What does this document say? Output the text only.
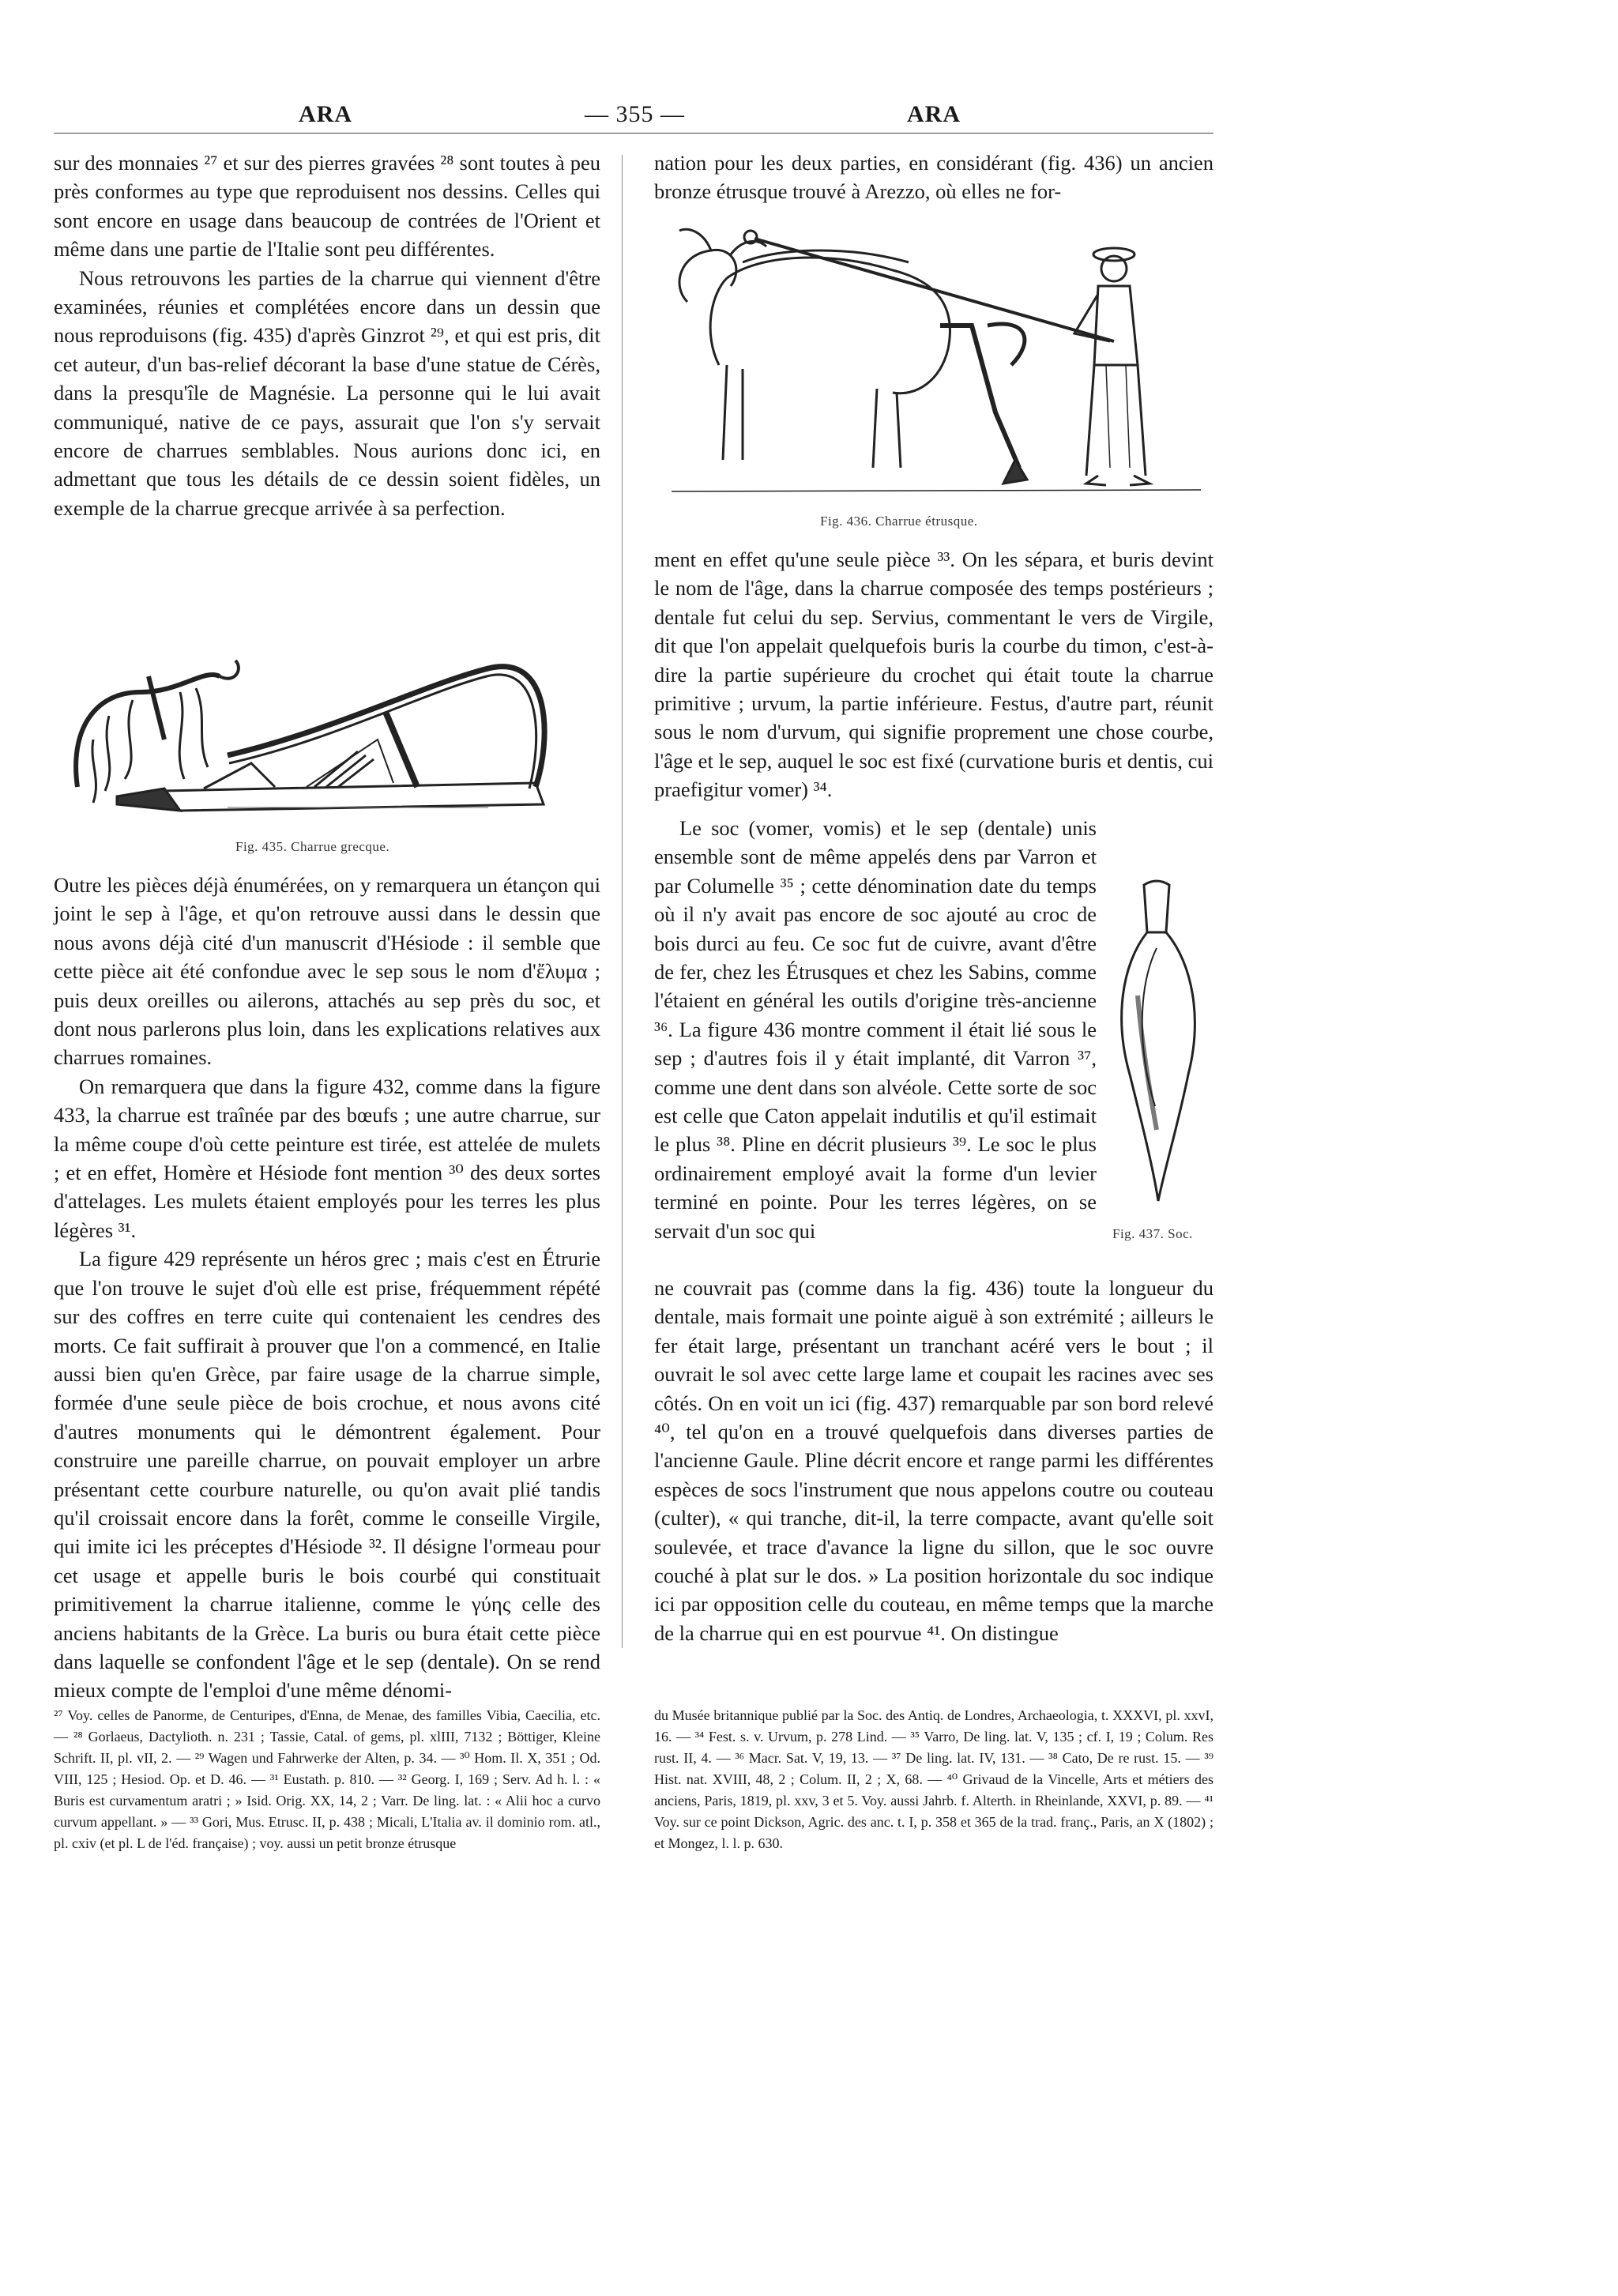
ARA	— 355 —	ARA

sur des monnaies ²⁷ et sur des pierres gravées ²⁸ sont toutes à peu près conformes au type que reproduisent nos dessins. Celles qui sont encore en usage dans beaucoup de contrées de l'Orient et même dans une partie de l'Italie sont peu différentes.

Nous retrouvons les parties de la charrue qui viennent d'être examinées, réunies et complétées encore dans un dessin que nous reproduisons (fig. 435) d'après Ginzrot ²⁹, et qui est pris, dit cet auteur, d'un bas-relief décorant la base d'une statue de Cérès, dans la presqu'île de Magnésie. La personne qui le lui avait communiqué, native de ce pays, assurait que l'on s'y servait encore de charrues semblables. Nous aurions donc ici, en admettant que tous les détails de ce dessin soient fidèles, un exemple de la charrue grecque arrivée à sa perfection.

Fig. 435. Charrue grecque.

Outre les pièces déjà énumérées, on y remarquera un étançon qui joint le sep à l'âge, et qu'on retrouve aussi dans le dessin que nous avons déjà cité d'un manuscrit d'Hésiode : il semble que cette pièce ait été confondue avec le sep sous le nom d'ἔλυμα ; puis deux oreilles ou ailerons, attachés au sep près du soc, et dont nous parlerons plus loin, dans les explications relatives aux charrues romaines.

On remarquera que dans la figure 432, comme dans la figure 433, la charrue est traînée par des bœufs ; une autre charrue, sur la même coupe d'où cette peinture est tirée, est attelée de mulets ; et en effet, Homère et Hésiode font mention ³⁰ des deux sortes d'attelages. Les mulets étaient employés pour les terres les plus légères ³¹.

La figure 429 représente un héros grec ; mais c'est en Étrurie que l'on trouve le sujet d'où elle est prise, fréquemment répété sur des coffres en terre cuite qui contenaient les cendres des morts. Ce fait suffirait à prouver que l'on a commencé, en Italie aussi bien qu'en Grèce, par faire usage de la charrue simple, formée d'une seule pièce de bois crochue, et nous avons cité d'autres monuments qui le démontrent également. Pour construire une pareille charrue, on pouvait employer un arbre présentant cette courbure naturelle, ou qu'on avait plié tandis qu'il croissait encore dans la forêt, comme le conseille Virgile, qui imite ici les préceptes d'Hésiode ³². Il désigne l'ormeau pour cet usage et appelle buris le bois courbé qui constituait primitivement la charrue italienne, comme le γύης celle des anciens habitants de la Grèce. La buris ou bura était cette pièce dans laquelle se confondent l'âge et le sep (dentale). On se rend mieux compte de l'emploi d'une même dénomi-

²⁷ Voy. celles de Panorme, de Centuripes, d'Enna, de Menae, des familles Vibia, Caecilia, etc. — ²⁸ Gorlaeus, Dactylioth. n. 231 ; Tassie, Catal. of gems, pl. xlIII, 7132 ; Böttiger, Kleine Schrift. II, pl. vII, 2. — ²⁹ Wagen und Fahrwerke der Alten, p. 34. — ³⁰ Hom. Il. X, 351 ; Od. VIII, 125 ; Hesiod. Op. et D. 46. — ³¹ Eustath. p. 810. — ³² Georg. I, 169 ; Serv. Ad h. l. : « Buris est curvamentum aratri ; » Isid. Orig. XX, 14, 2 ; Varr. De ling. lat. : « Alii hoc a curvo curvum appellant. » — ³³ Gori, Mus. Etrusc. II, p. 438 ; Micali, L'Italia av. il dominio rom. atl., pl. cxiv (et pl. L de l'éd. française) ; voy. aussi un petit bronze étrusque

nation pour les deux parties, en considérant (fig. 436) un ancien bronze étrusque trouvé à Arezzo, où elles ne for-

Fig. 436. Charrue étrusque.

ment en effet qu'une seule pièce ³³. On les sépara, et buris devint le nom de l'âge, dans la charrue composée des temps postérieurs ; dentale fut celui du sep. Servius, commentant le vers de Virgile, dit que l'on appelait quelquefois buris la courbe du timon, c'est-à-dire la partie supérieure du crochet qui était toute la charrue primitive ; urvum, la partie inférieure. Festus, d'autre part, réunit sous le nom d'urvum, qui signifie proprement une chose courbe, l'âge et le sep, auquel le soc est fixé (curvatione buris et dentis, cui praefigitur vomer) ³⁴.

Le soc (vomer, vomis) et le sep (dentale) unis ensemble sont de même appelés dens par Varron et par Columelle ³⁵ ; cette dénomination date du temps où il n'y avait pas encore de soc ajouté au croc de bois durci au feu. Ce soc fut de cuivre, avant d'être de fer, chez les Étrusques et chez les Sabins, comme l'étaient en général les outils d'origine très-ancienne ³⁶. La figure 436 montre comment il était lié sous le sep ; d'autres fois il y était implanté, dit Varron ³⁷, comme une dent dans son alvéole. Cette sorte de soc est celle que Caton appelait indutilis et qu'il estimait le plus ³⁸. Pline en décrit plusieurs ³⁹. Le soc le plus ordinairement employé avait la forme d'un levier terminé en pointe. Pour les terres légères, on se servait d'un soc qui	Fig. 437. Soc.

ne couvrait pas (comme dans la fig. 436) toute la longueur du dentale, mais formait une pointe aiguë à son extrémité ; ailleurs le fer était large, présentant un tranchant acéré vers le bout ; il ouvrait le sol avec cette large lame et coupait les racines avec ses côtés. On en voit un ici (fig. 437) remarquable par son bord relevé ⁴⁰, tel qu'on en a trouvé quelquefois dans diverses parties de l'ancienne Gaule. Pline décrit encore et range parmi les différentes espèces de socs l'instrument que nous appelons coutre ou couteau (culter), « qui tranche, dit-il, la terre compacte, avant qu'elle soit soulevée, et trace d'avance la ligne du sillon, que le soc ouvre couché à plat sur le dos. » La position horizontale du soc indique ici par opposition celle du couteau, en même temps que la marche de la charrue qui en est pourvue ⁴¹. On distingue

du Musée britannique publié par la Soc. des Antiq. de Londres, Archaeologia, t. XXXVI, pl. xxvI, 16. — ³⁴ Fest. s. v. Urvum, p. 278 Lind. — ³⁵ Varro, De ling. lat. V, 135 ; cf. I, 19 ; Colum. Res rust. II, 4. — ³⁶ Macr. Sat. V, 19, 13. — ³⁷ De ling. lat. IV, 131. — ³⁸ Cato, De re rust. 15. — ³⁹ Hist. nat. XVIII, 48, 2 ; Colum. II, 2 ; X, 68. — ⁴⁰ Grivaud de la Vincelle, Arts et métiers des anciens, Paris, 1819, pl. xxv, 3 et 5. Voy. aussi Jahrb. f. Alterth. in Rheinlande, XXVI, p. 89. — ⁴¹ Voy. sur ce point Dickson, Agric. des anc. t. I, p. 358 et 365 de la trad. franç., Paris, an X (1802) ; et Mongez, l. l. p. 630.
